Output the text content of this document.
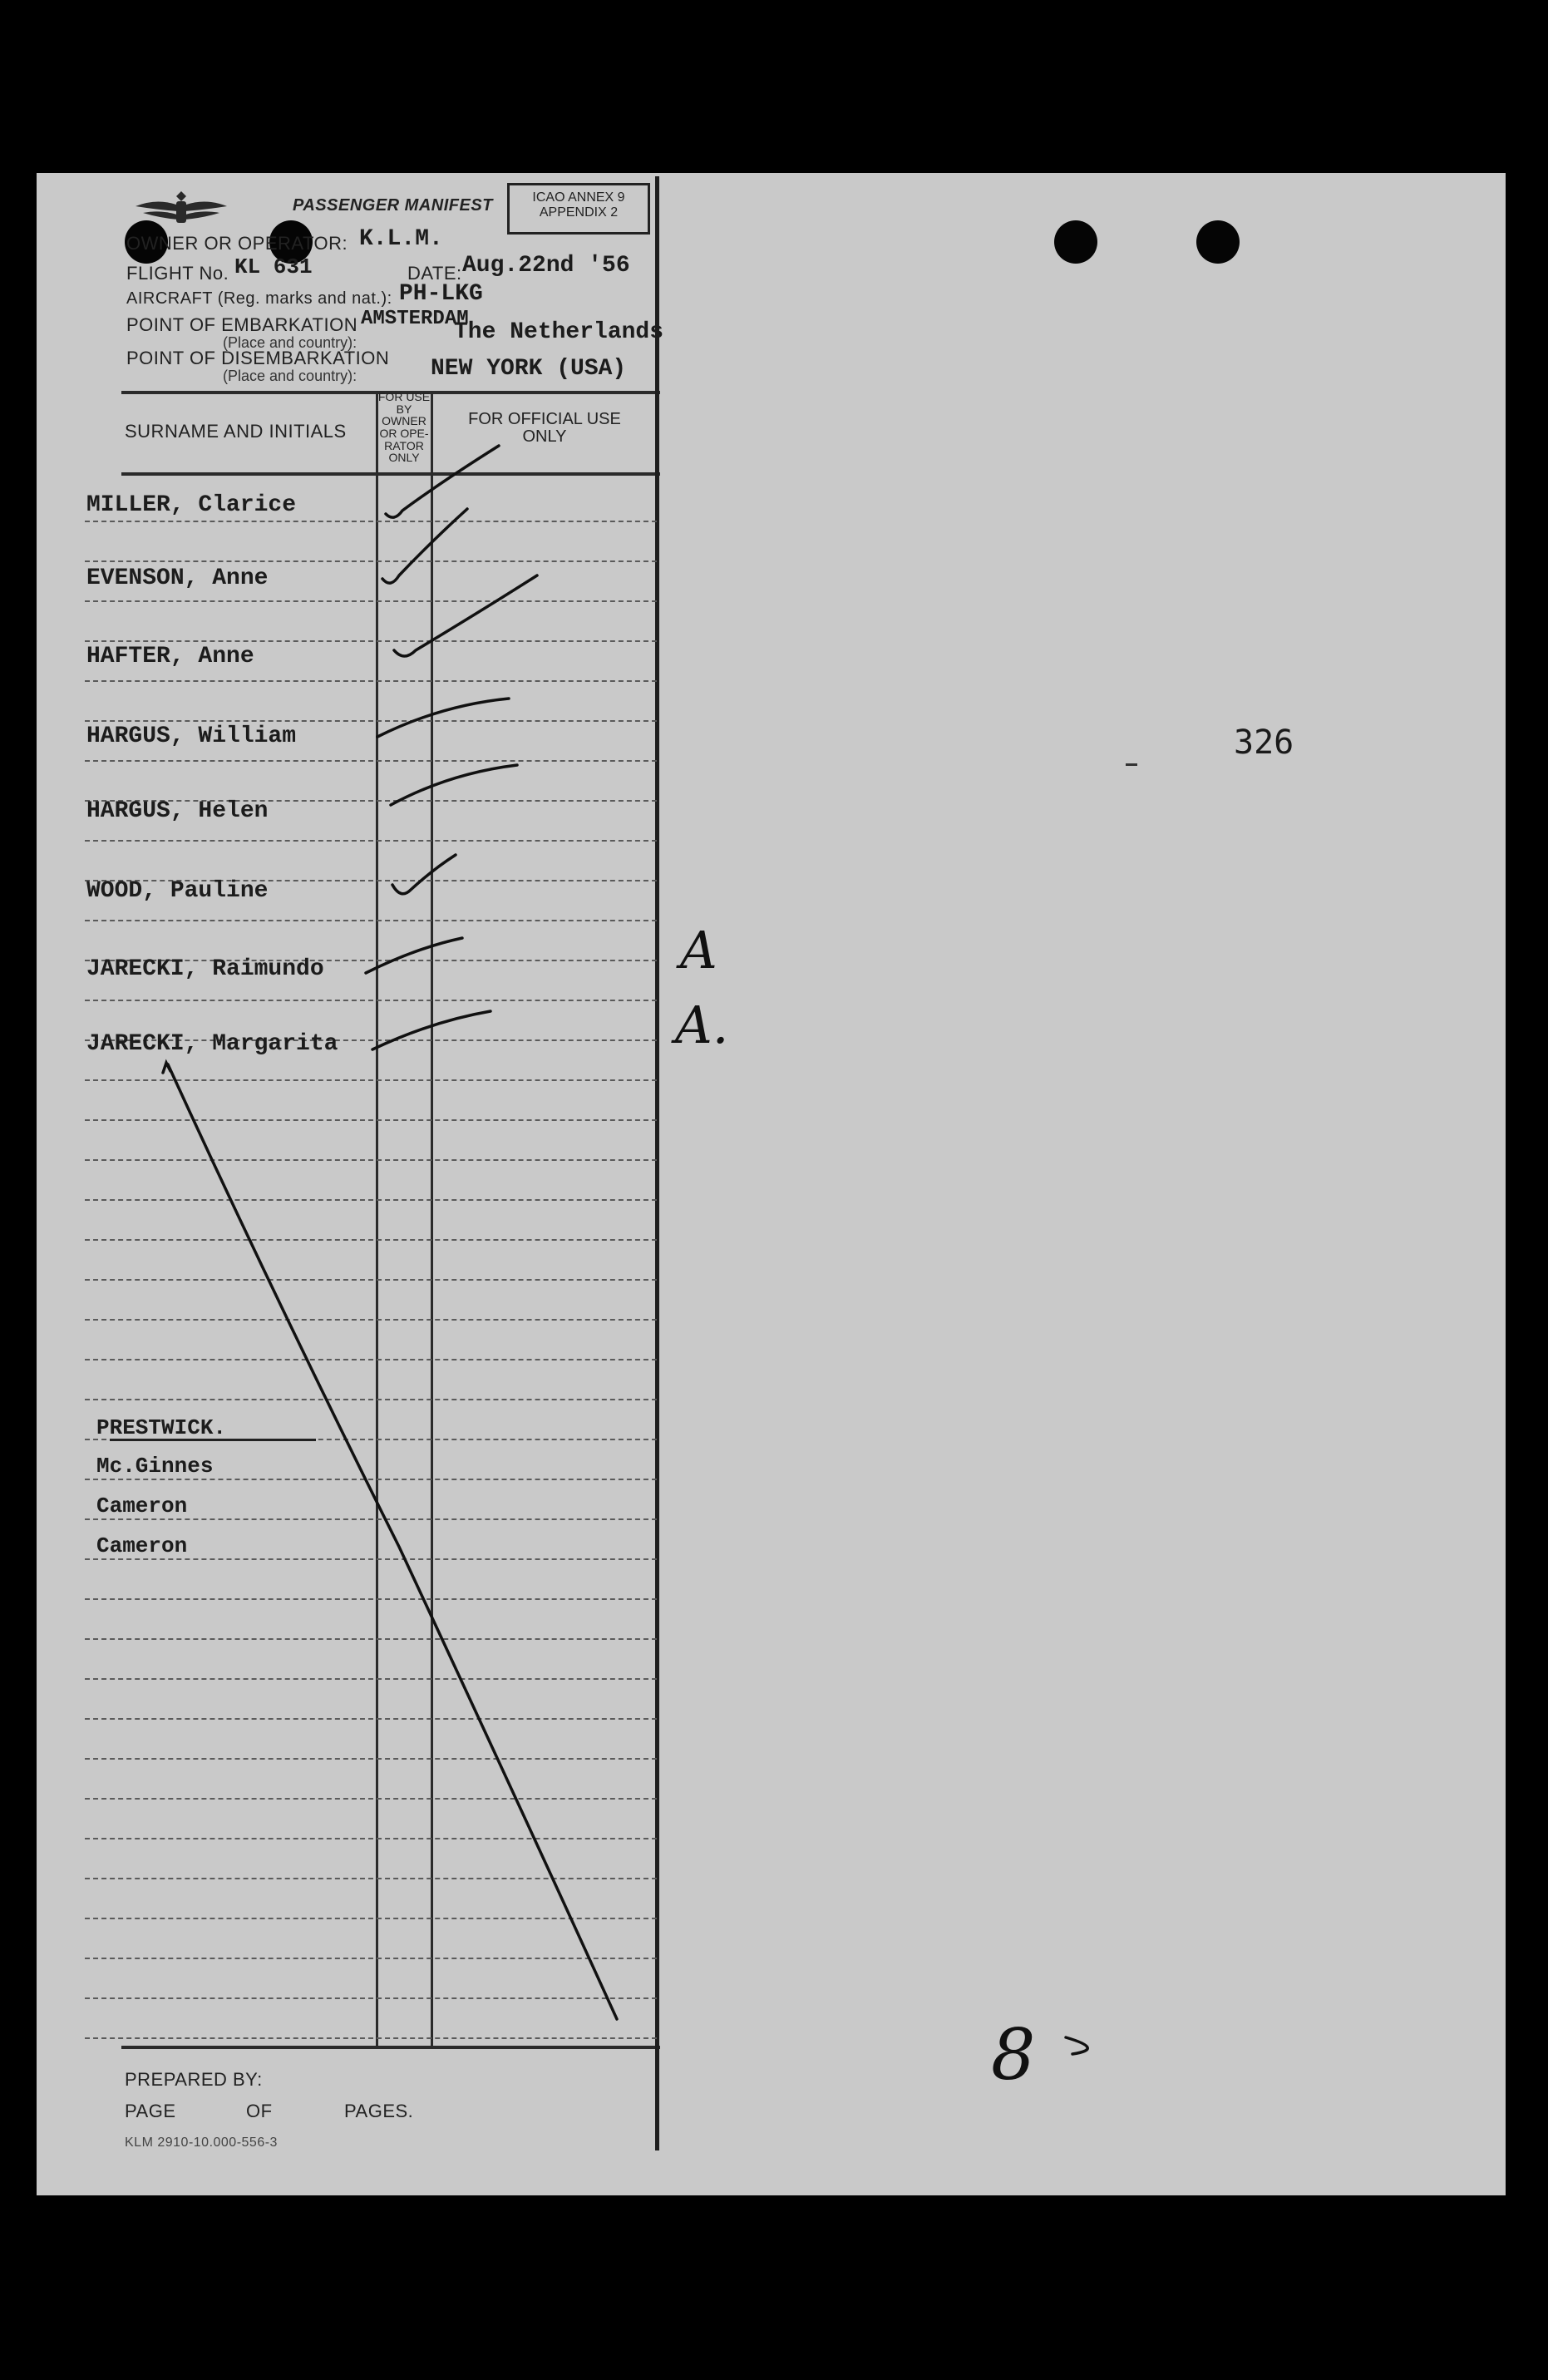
PASSENGER MANIFEST	ICAO ANNEX 9
APPENDIX 2
OWNER OR OPERATOR: K.L.M.
FLIGHT No. KL 631	DATE: Aug.22nd '56
AIRCRAFT (Reg. marks and nat.): PH-LKG
POINT OF EMBARKATION AMSTERDAM
(Place and country):	The Netherlands
POINT OF DISEMBARKATION
(Place and country):	NEW YORK (USA)
SURNAME AND INITIALS
FOR USE
BY
OWNER
OR OPE-
RATOR
ONLY
FOR OFFICIAL USE
ONLY
MILLER, Clarice
EVENSON, Anne
HAFTER, Anne
HARGUS, William
HARGUS, Helen
WOOD, Pauline
JARECKI, Raimundo
JARECKI, Margarita
PRESTWICK.
Mc.Ginnes
Cameron
Cameron
PREPARED BY:
PAGE	OF	PAGES.
KLM 2910-10.000-556-3
326
A
A.
8
